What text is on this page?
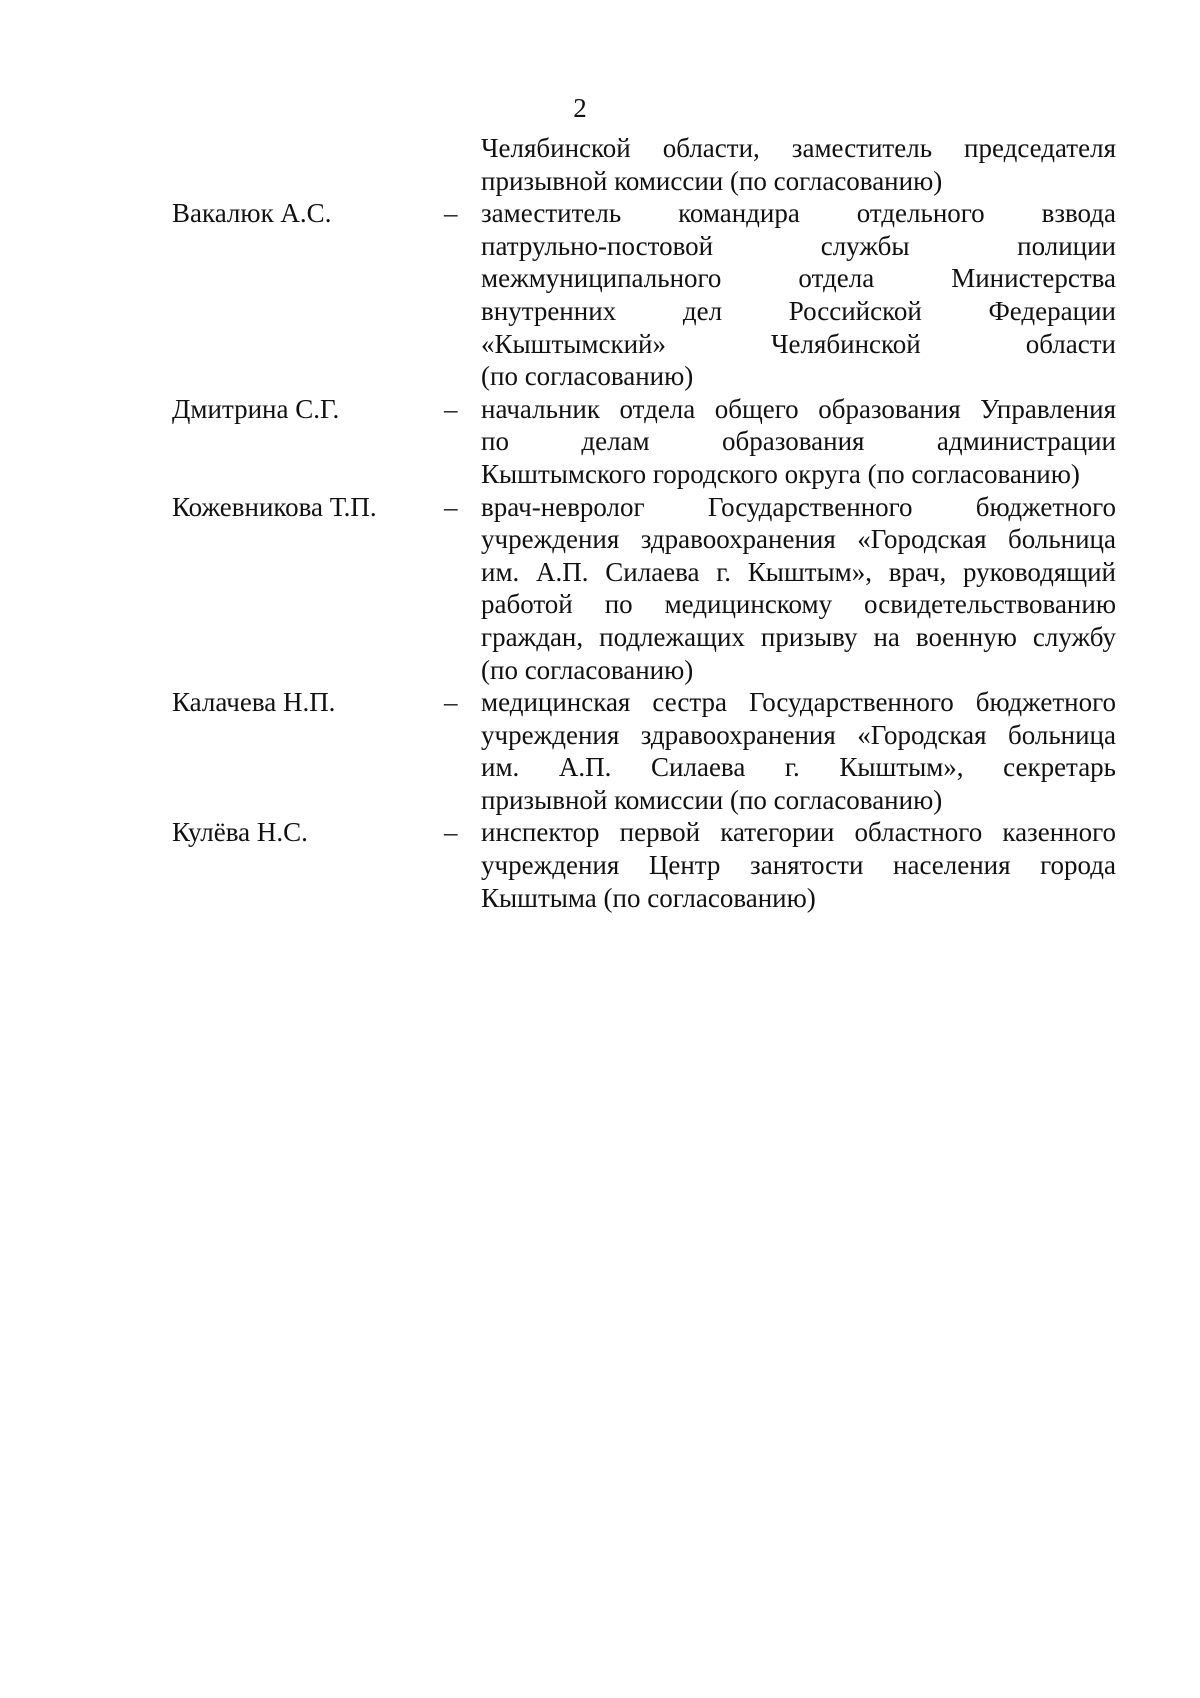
2
Челябинской области, заместитель председателя
призывной комиссии (по согласованию)
Вакалюк А.С.	– заместитель командира отдельного взвода
патрульно-постовой службы полиции
межмуниципального отдела Министерства
внутренних дел Российской Федерации
«Кыштымский» Челябинской области
(по согласованию)
Дмитрина С.Г.	– начальник отдела общего образования Управления
по делам образования администрации
Кыштымского городского округа (по согласованию)
Кожевникова Т.П. – врач-невролог Государственного бюджетного
учреждения здравоохранения «Городская больница
им. А.П. Силаева г. Кыштым», врач, руководящий
работой по медицинскому освидетельствованию
граждан, подлежащих призыву на военную службу
(по согласованию)
Калачева Н.П.	– медицинская сестра Государственного бюджетного
учреждения здравоохранения «Городская больница
им. А.П. Силаева г. Кыштым», секретарь
призывной комиссии (по согласованию)
Кулёва Н.С.	– инспектор первой категории областного казенного
учреждения Центр занятости населения города
Кыштыма (по согласованию)
